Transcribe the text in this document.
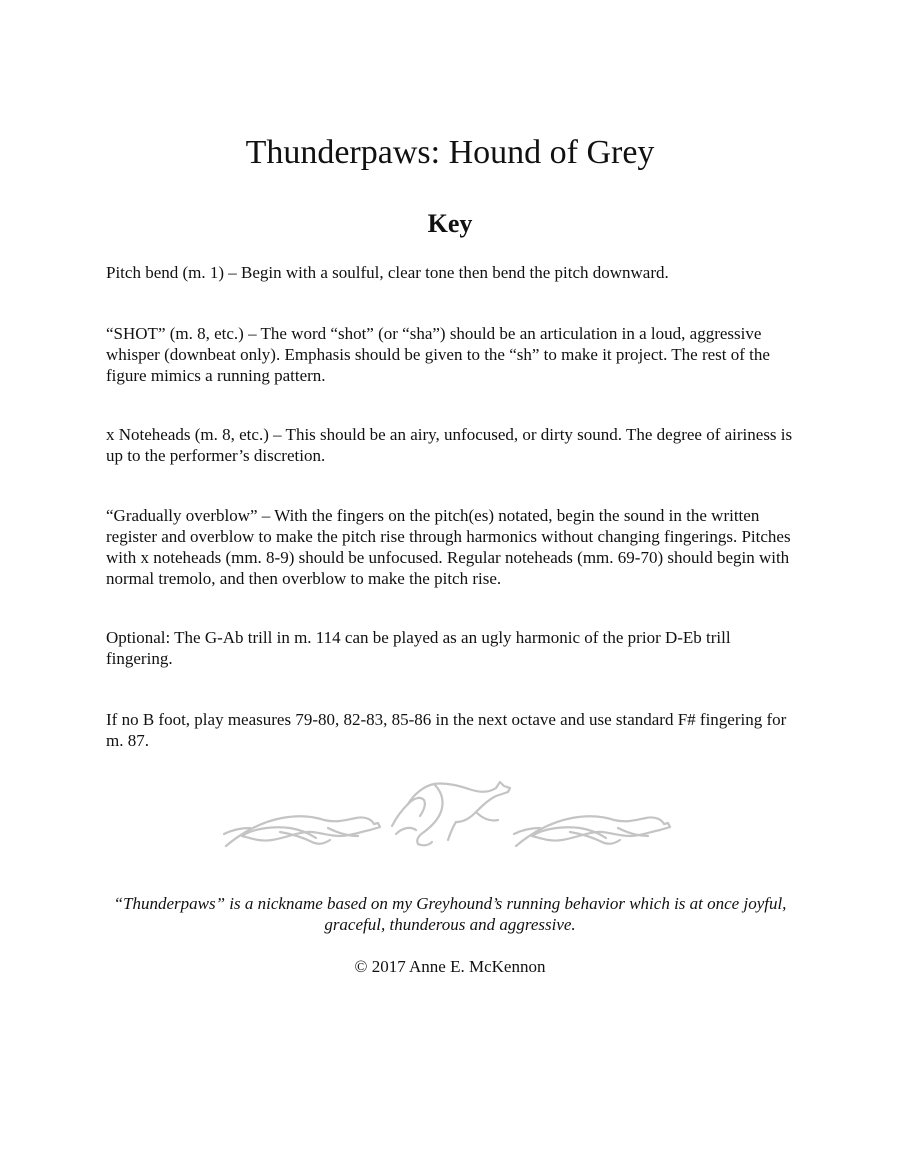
Thunderpaws: Hound of Grey
Key

Pitch bend (m. 1) – Begin with a soulful, clear tone then bend the pitch downward.

“SHOT” (m. 8, etc.) – The word “shot” (or “sha”) should be an articulation in a loud, aggressive whisper (downbeat only). Emphasis should be given to the “sh” to make it project. The rest of the figure mimics a running pattern.

x Noteheads (m. 8, etc.) – This should be an airy, unfocused, or dirty sound. The degree of airiness is up to the performer’s discretion.

“Gradually overblow” – With the fingers on the pitch(es) notated, begin the sound in the written register and overblow to make the pitch rise through harmonics without changing fingerings. Pitches with x noteheads (mm. 8-9) should be unfocused. Regular noteheads (mm. 69-70) should begin with normal tremolo, and then overblow to make the pitch rise.

Optional: The G-Ab trill in m. 114 can be played as an ugly harmonic of the prior D-Eb trill fingering.

If no B foot, play measures 79-80, 82-83, 85-86 in the next octave and use standard F# fingering for m. 87.

“Thunderpaws” is a nickname based on my Greyhound’s running behavior which is at once joyful, graceful, thunderous and aggressive.

© 2017 Anne E. McKennon
